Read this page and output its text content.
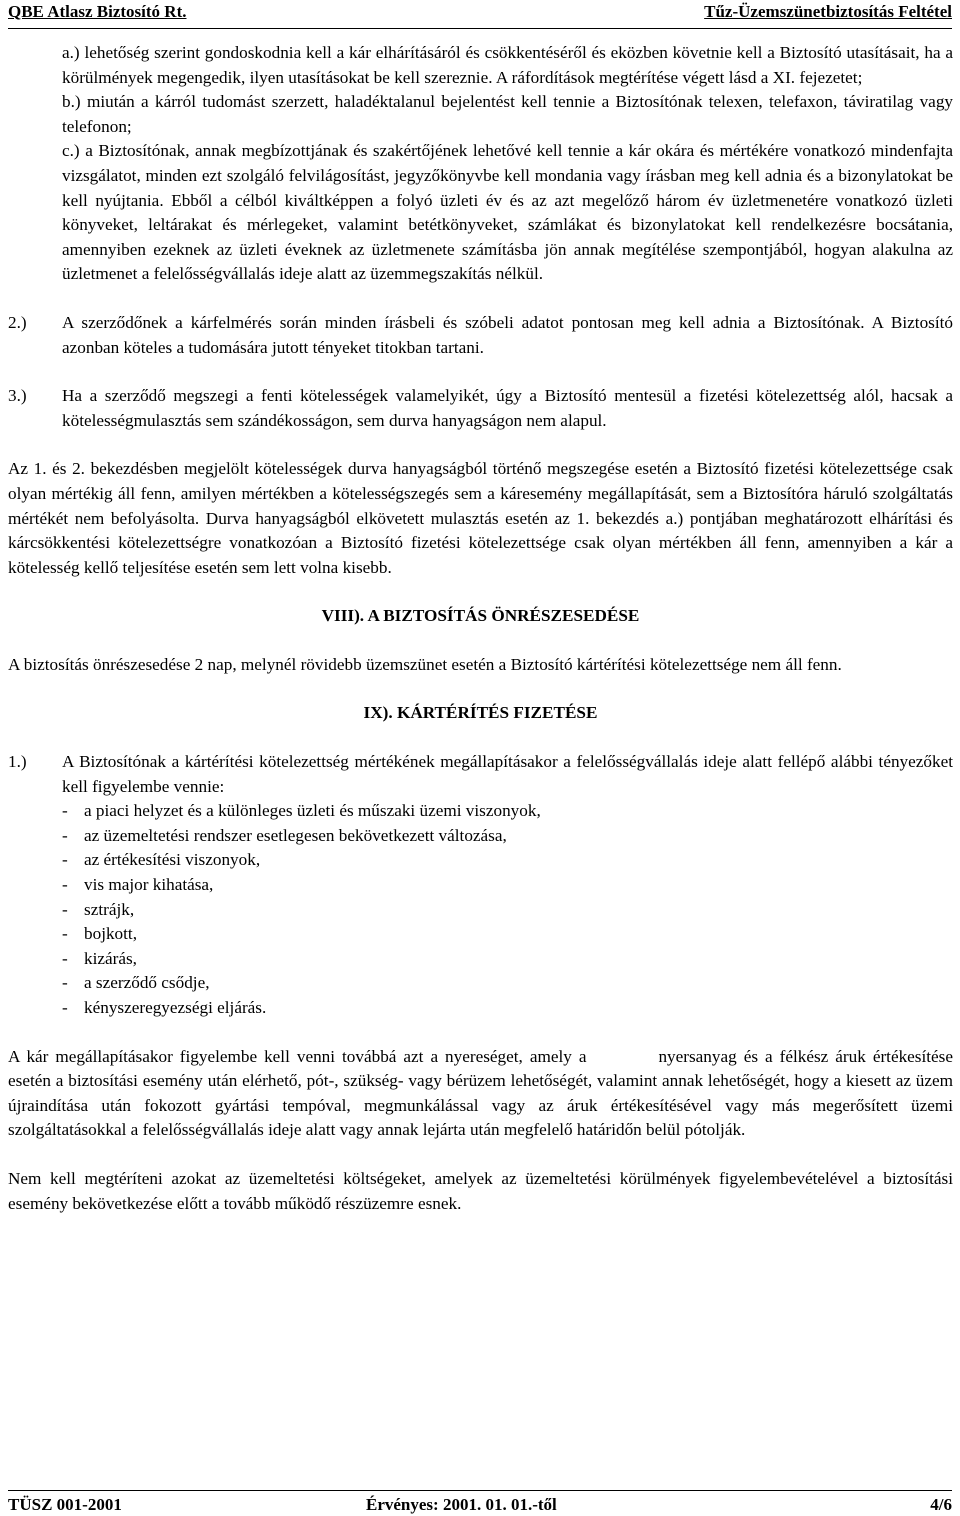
QBE Atlasz Biztosító Rt.	Tűz-Üzemszünetbiztosítás Feltétel

a.) lehetőség szerint gondoskodnia kell a kár elhárításáról és csökkentéséről és eközben követnie kell a Biztosító utasításait, ha a körülmények megengedik, ilyen utasításokat be kell szereznie. A ráfordítások megtérítése végett lásd a XI. fejezetet;

b.) miután a kárról tudomást szerzett, haladéktalanul bejelentést kell tennie a Biztosítónak telexen, telefaxon, táviratilag vagy telefonon;

c.) a Biztosítónak, annak megbízottjának és szakértőjének lehetővé kell tennie a kár okára és mértékére vonatkozó mindenfajta vizsgálatot, minden ezt szolgáló felvilágosítást, jegyzőkönyvbe kell mondania vagy írásban meg kell adnia és a bizonylatokat be kell nyújtania. Ebből a célból kiváltképpen a folyó üzleti év és az azt megelőző három év üzletmenetére vonatkozó üzleti könyveket, leltárakat és mérlegeket, valamint betétkönyveket, számlákat és bizonylatokat kell rendelkezésre bocsátania, amennyiben ezeknek az üzleti éveknek az üzletmenete számításba jön annak megítélése szempontjából, hogyan alakulna az üzletmenet a felelősségvállalás ideje alatt az üzemmegszakítás nélkül.

2.)	A szerződőnek a kárfelmérés során minden írásbeli és szóbeli adatot pontosan meg kell adnia a Biztosítónak. A Biztosító azonban köteles a tudomására jutott tényeket titokban tartani.
3.)	Ha a szerződő megszegi a fenti kötelességek valamelyikét, úgy a Biztosító mentesül a fizetési kötelezettség alól, hacsak a kötelességmulasztás sem szándékosságon, sem durva hanyagságon nem alapul.

Az 1. és 2. bekezdésben megjelölt kötelességek durva hanyagságból történő megszegése esetén a Biztosító fizetési kötelezettsége csak olyan mértékig áll fenn, amilyen mértékben a kötelességszegés sem a káresemény megállapítását, sem a Biztosítóra háruló szolgáltatás mértékét nem befolyásolta. Durva hanyagságból elkövetett mulasztás esetén az 1. bekezdés a.) pontjában meghatározott elhárítási és kárcsökkentési kötelezettségre vonatkozóan a Biztosító fizetési kötelezettsége csak olyan mértékben áll fenn, amennyiben a kár a kötelesség kellő teljesítése esetén sem lett volna kisebb.

VIII). A BIZTOSÍTÁS ÖNRÉSZESEDÉSE

A biztosítás önrészesedése 2 nap, melynél rövidebb üzemszünet esetén a Biztosító kártérítési kötelezettsége nem áll fenn.

IX). KÁRTÉRÍTÉS FIZETÉSE

1.)	A Biztosítónak a kártérítési kötelezettség mértékének megállapításakor a felelősségvállalás ideje alatt fellépő alábbi tényezőket kell figyelembe vennie:
- a piaci helyzet és a különleges üzleti és műszaki üzemi viszonyok,
- az üzemeltetési rendszer esetlegesen bekövetkezett változása,
- az értékesítési viszonyok,
- vis major kihatása,
- sztrájk,
- bojkott,
- kizárás,
- a szerződő csődje,
- kényszeregyezségi eljárás.

A kár megállapításakor figyelembe kell venni továbbá azt a nyereséget, amely a	nyersanyag és a félkész áruk értékesítése esetén a biztosítási esemény után elérhető, pót-, szükség- vagy bérüzem lehetőségét, valamint annak lehetőségét, hogy a kiesett az üzem újraindítása után fokozott gyártási tempóval, megmunkálással vagy az áruk értékesítésével vagy más megerősített üzemi szolgáltatásokkal a felelősségvállalás ideje alatt vagy annak lejárta után megfelelő határidőn belül pótolják.

Nem kell megtéríteni azokat az üzemeltetési költségeket, amelyek az üzemeltetési körülmények figyelembevételével a biztosítási esemény bekövetkezése előtt a tovább működő részüzemre esnek.

TÜSZ 001-2001	Érvényes: 2001. 01. 01.-től	4/6
